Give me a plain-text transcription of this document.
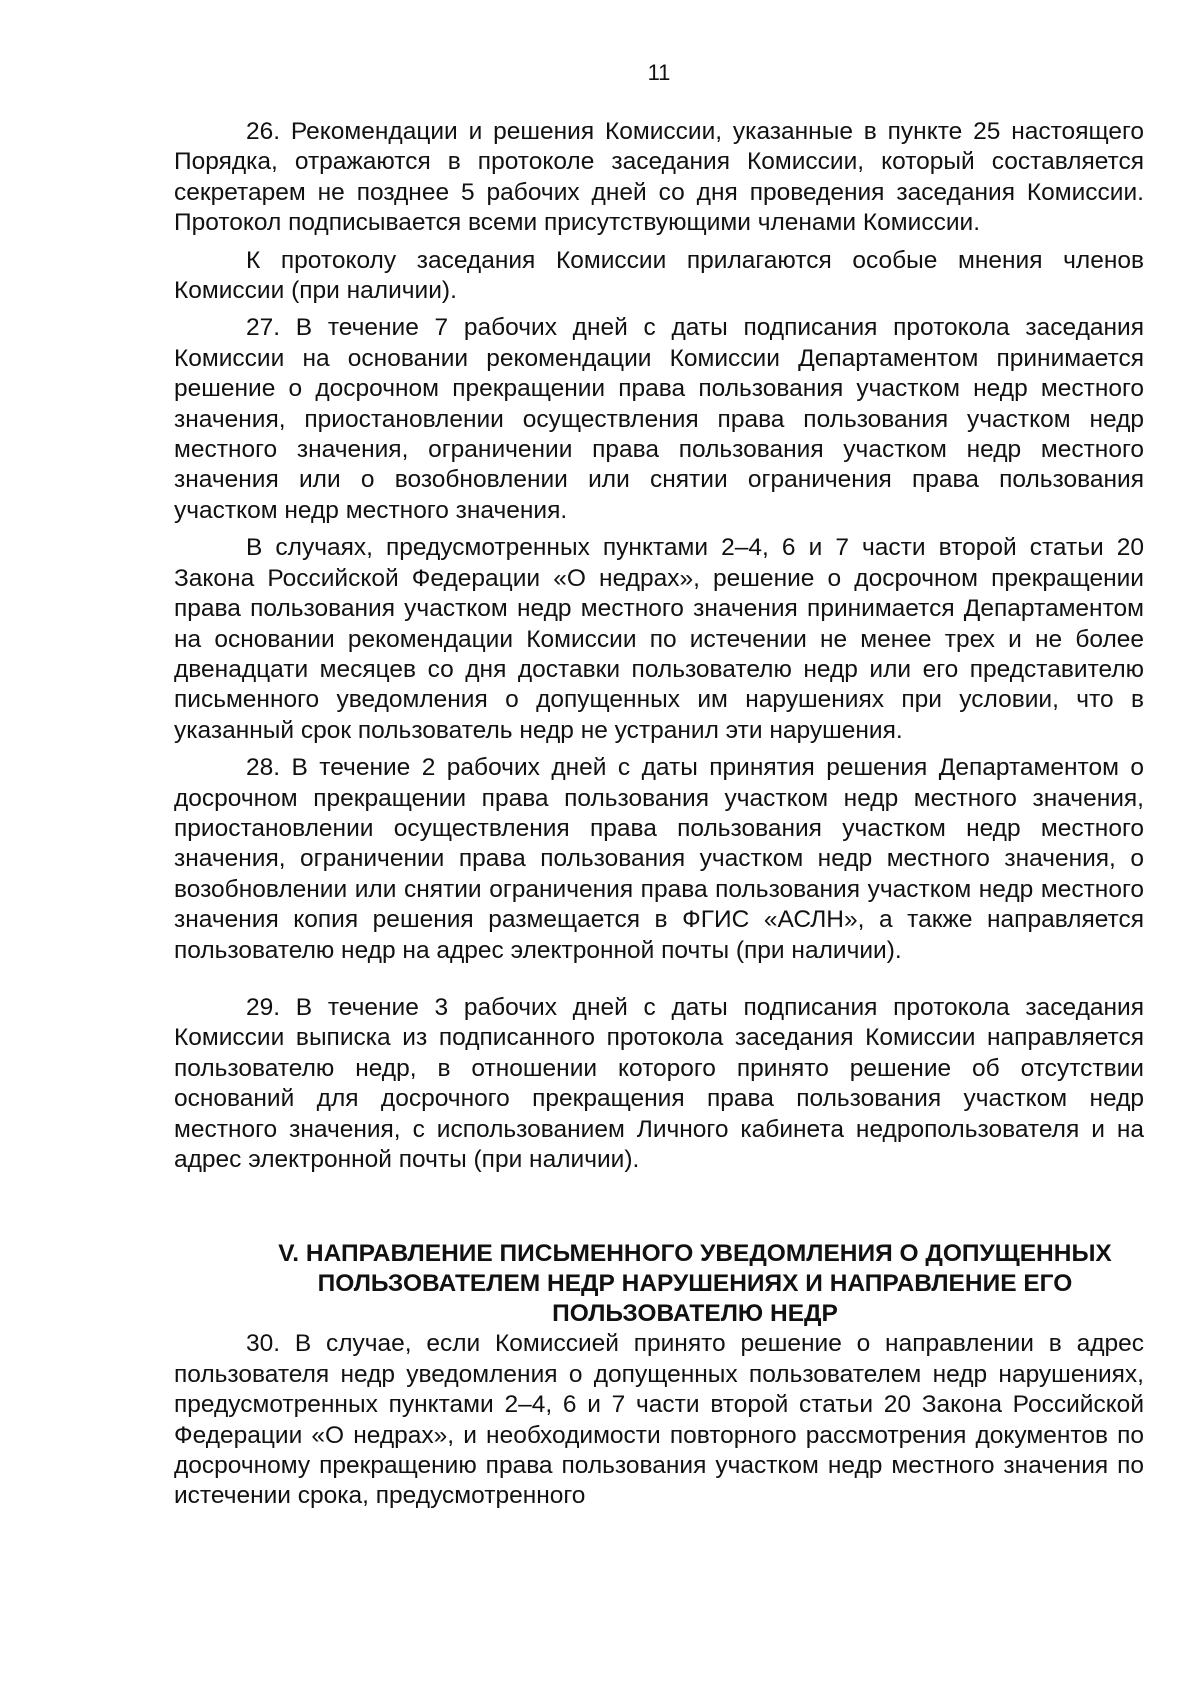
11

26. Рекомендации и решения Комиссии, указанные в пункте 25 настоящего Порядка, отражаются в протоколе заседания Комиссии, который составляется секретарем не позднее 5 рабочих дней со дня проведения заседания Комиссии. Протокол подписывается всеми присутствующими членами Комиссии.

К протоколу заседания Комиссии прилагаются особые мнения членов Комиссии (при наличии).

27. В течение 7 рабочих дней с даты подписания протокола заседания Комиссии на основании рекомендации Комиссии Департаментом принимается решение о досрочном прекращении права пользования участком недр местного значения, приостановлении осуществления права пользования участком недр местного значения, ограничении права пользования участком недр местного значения или о возобновлении или снятии ограничения права пользования участком недр местного значения.

В случаях, предусмотренных пунктами 2–4, 6 и 7 части второй статьи 20 Закона Российской Федерации «О недрах», решение о досрочном прекращении права пользования участком недр местного значения принимается Департаментом на основании рекомендации Комиссии по истечении не менее трех и не более двенадцати месяцев со дня доставки пользователю недр или его представителю письменного уведомления о допущенных им нарушениях при условии, что в указанный срок пользователь недр не устранил эти нарушения.

28. В течение 2 рабочих дней с даты принятия решения Департаментом о досрочном прекращении права пользования участком недр местного значения, приостановлении осуществления права пользования участком недр местного значения, ограничении права пользования участком недр местного значения, о возобновлении или снятии ограничения права пользования участком недр местного значения копия решения размещается в ФГИС «АСЛН», а также направляется пользователю недр на адрес электронной почты (при наличии).

29. В течение 3 рабочих дней с даты подписания протокола заседания Комиссии выписка из подписанного протокола заседания Комиссии направляется пользователю недр, в отношении которого принято решение об отсутствии оснований для досрочного прекращения права пользования участком недр местного значения, с использованием Личного кабинета недропользователя и на адрес электронной почты (при наличии).

V. НАПРАВЛЕНИЕ ПИСЬМЕННОГО УВЕДОМЛЕНИЯ О ДОПУЩЕННЫХ
ПОЛЬЗОВАТЕЛЕМ НЕДР НАРУШЕНИЯХ И НАПРАВЛЕНИЕ ЕГО
ПОЛЬЗОВАТЕЛЮ НЕДР

30. В случае, если Комиссией принято решение о направлении в адрес пользователя недр уведомления о допущенных пользователем недр нарушениях, предусмотренных пунктами 2–4, 6 и 7 части второй статьи 20 Закона Российской Федерации «О недрах», и необходимости повторного рассмотрения документов по досрочному прекращению права пользования участком недр местного значения по истечении срока, предусмотренного
